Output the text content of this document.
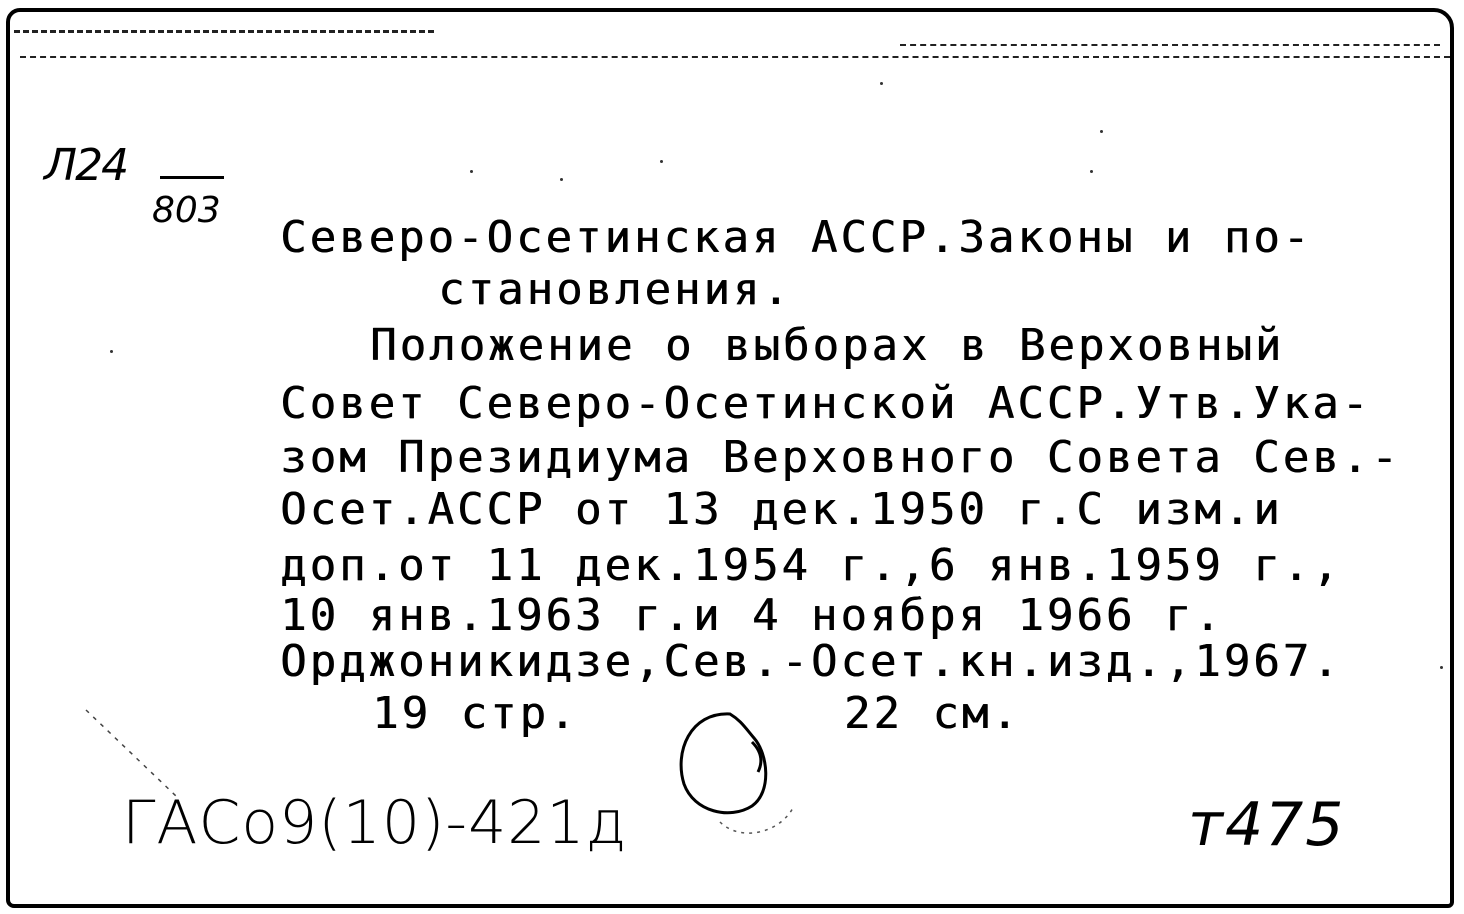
Л24
803
Северо-Осетинская АССР.Законы и по-
становления.
Положение о выборах в Верховный
Совет Северо-Осетинской АССР.Утв.Ука-
зом Президиума Верховного Совета Сев.-
Осет.АССР от 13 дек.1950 г.С изм.и
доп.от 11 дек.1954 г.,6 янв.1959 г.,
10 янв.1963 г.и 4 ноября 1966 г.
Орджоникидзе,Сев.-Осет.кн.изд.,1967.
19 стр.         22 см.
ГАСо9(10)-421д	т475
